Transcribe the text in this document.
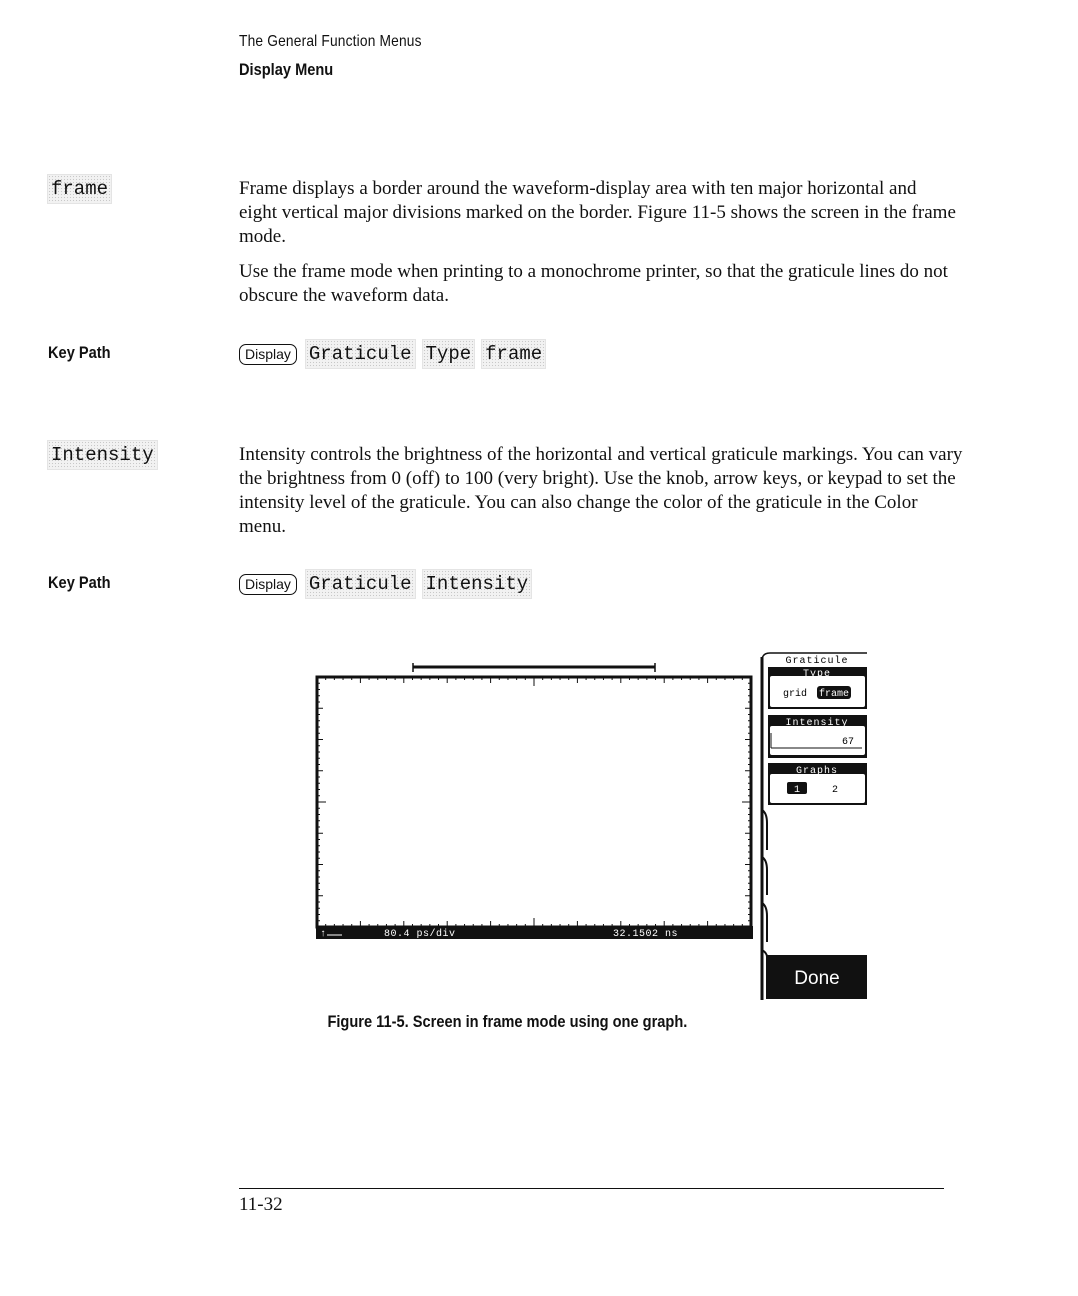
The General Function Menus
Display Menu
frame	Frame displays a border around the waveform-display area with ten major horizontal and eight vertical major divisions marked on the border. Figure 11-5 shows the screen in the frame mode.

Use the frame mode when printing to a monochrome printer, so that the graticule lines do not obscure the waveform data.

Key Path	Display Graticule Type frame
Intensity	Intensity controls the brightness of the horizontal and vertical graticule markings. You can vary the brightness from 0 (off) to 100 (very bright). Use the knob, arrow keys, or keypad to set the intensity level of the graticule. You can also change the color of the graticule in the Color menu.

Key Path	Display Graticule Intensity
↑	80.4 ps/div	32.1502 ns
Graticule
Type
grid frame
Intensity
67
Graphs
1	2
Done
Figure 11-5. Screen in frame mode using one graph.
11-32
